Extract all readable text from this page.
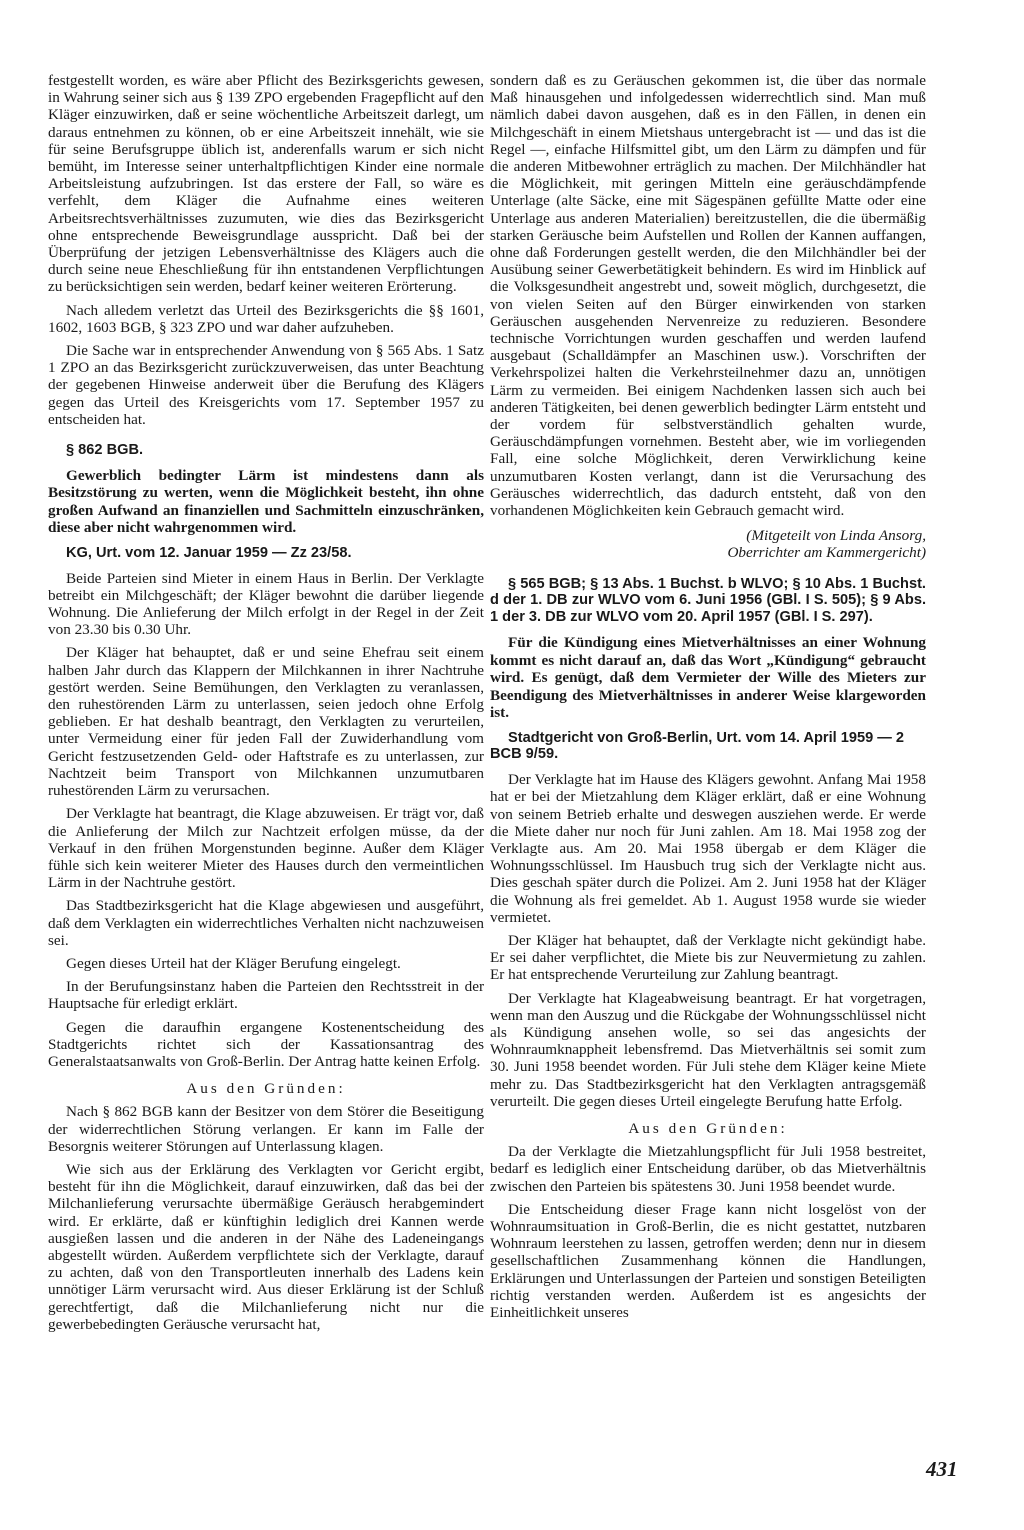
festgestellt worden, es wäre aber Pflicht des Bezirksgerichts gewesen, in Wahrung seiner sich aus § 139 ZPO ergebenden Fragepflicht auf den Kläger einzuwirken, daß er seine wöchentliche Arbeitszeit darlegt, um daraus entnehmen zu können, ob er eine Arbeitszeit innehält, wie sie für seine Berufsgruppe üblich ist, anderenfalls warum er sich nicht bemüht, im Interesse seiner unterhaltpflichtigen Kinder eine normale Arbeitsleistung aufzubringen. Ist das erstere der Fall, so wäre es verfehlt, dem Kläger die Aufnahme eines weiteren Arbeitsrechtsverhältnisses zuzumuten, wie dies das Bezirksgericht ohne entsprechende Beweisgrundlage ausspricht. Daß bei der Überprüfung der jetzigen Lebensverhältnisse des Klägers auch die durch seine neue Eheschließung für ihn entstandenen Verpflichtungen zu berücksichtigen sein werden, bedarf keiner weiteren Erörterung.

Nach alledem verletzt das Urteil des Bezirksgerichts die §§ 1601, 1602, 1603 BGB, § 323 ZPO und war daher aufzuheben.

Die Sache war in entsprechender Anwendung von § 565 Abs. 1 Satz 1 ZPO an das Bezirksgericht zurückzuverweisen, das unter Beachtung der gegebenen Hinweise anderweit über die Berufung des Klägers gegen das Urteil des Kreisgerichts vom 17. September 1957 zu entscheiden hat.

§ 862 BGB.
Gewerblich bedingter Lärm ist mindestens dann als Besitzstörung zu werten, wenn die Möglichkeit besteht, ihn ohne großen Aufwand an finanziellen und Sachmitteln einzuschränken, diese aber nicht wahrgenommen wird.
KG, Urt. vom 12. Januar 1959 — Zz 23/58.

Beide Parteien sind Mieter in einem Haus in Berlin. Der Verklagte betreibt ein Milchgeschäft; der Kläger bewohnt die darüber liegende Wohnung. Die Anlieferung der Milch erfolgt in der Regel in der Zeit von 23.30 bis 0.30 Uhr.

Der Kläger hat behauptet, daß er und seine Ehefrau seit einem halben Jahr durch das Klappern der Milchkannen in ihrer Nachtruhe gestört werden. Seine Bemühungen, den Verklagten zu veranlassen, den ruhestörenden Lärm zu unterlassen, seien jedoch ohne Erfolg geblieben. Er hat deshalb beantragt, den Verklagten zu verurteilen, unter Vermeidung einer für jeden Fall der Zuwiderhandlung vom Gericht festzusetzenden Geld- oder Haftstrafe es zu unterlassen, zur Nachtzeit beim Transport von Milchkannen unzumutbaren ruhestörenden Lärm zu verursachen.

Der Verklagte hat beantragt, die Klage abzuweisen. Er trägt vor, daß die Anlieferung der Milch zur Nachtzeit erfolgen müsse, da der Verkauf in den frühen Morgenstunden beginne. Außer dem Kläger fühle sich kein weiterer Mieter des Hauses durch den vermeintlichen Lärm in der Nachtruhe gestört.

Das Stadtbezirksgericht hat die Klage abgewiesen und ausgeführt, daß dem Verklagten ein widerrechtliches Verhalten nicht nachzuweisen sei.

Gegen dieses Urteil hat der Kläger Berufung eingelegt.

In der Berufungsinstanz haben die Parteien den Rechtsstreit in der Hauptsache für erledigt erklärt.

Gegen die daraufhin ergangene Kostenentscheidung des Stadtgerichts richtet sich der Kassationsantrag des Generalstaatsanwalts von Groß-Berlin. Der Antrag hatte keinen Erfolg.

Aus den Gründen:

Nach § 862 BGB kann der Besitzer von dem Störer die Beseitigung der widerrechtlichen Störung verlangen. Er kann im Falle der Besorgnis weiterer Störungen auf Unterlassung klagen.

Wie sich aus der Erklärung des Verklagten vor Gericht ergibt, besteht für ihn die Möglichkeit, darauf einzuwirken, daß das bei der Milchanlieferung verursachte übermäßige Geräusch herabgemindert wird. Er erklärte, daß er künftighin lediglich drei Kannen werde ausgießen lassen und die anderen in der Nähe des Ladeneingangs abgestellt würden. Außerdem verpflichtete sich der Verklagte, darauf zu achten, daß von den Transportleuten innerhalb des Ladens kein unnötiger Lärm verursacht wird. Aus dieser Erklärung ist der Schluß gerechtfertigt, daß die Milchanlieferung nicht nur die gewerbebedingten Geräusche verursacht hat,

sondern daß es zu Geräuschen gekommen ist, die über das normale Maß hinausgehen und infolgedessen widerrechtlich sind. Man muß nämlich dabei davon ausgehen, daß es in den Fällen, in denen ein Milchgeschäft in einem Mietshaus untergebracht ist — und das ist die Regel —, einfache Hilfsmittel gibt, um den Lärm zu dämpfen und für die anderen Mitbewohner erträglich zu machen. Der Milchhändler hat die Möglichkeit, mit geringen Mitteln eine geräuschdämpfende Unterlage (alte Säcke, eine mit Sägespänen gefüllte Matte oder eine Unterlage aus anderen Materialien) bereitzustellen, die die übermäßig starken Geräusche beim Aufstellen und Rollen der Kannen auffangen, ohne daß Forderungen gestellt werden, die den Milchhändler bei der Ausübung seiner Gewerbetätigkeit behindern. Es wird im Hinblick auf die Volksgesundheit angestrebt und, soweit möglich, durchgesetzt, die von vielen Seiten auf den Bürger einwirkenden von starken Geräuschen ausgehenden Nervenreize zu reduzieren. Besondere technische Vorrichtungen wurden geschaffen und werden laufend ausgebaut (Schalldämpfer an Maschinen usw.). Vorschriften der Verkehrspolizei halten die Verkehrsteilnehmer dazu an, unnötigen Lärm zu vermeiden. Bei einigem Nachdenken lassen sich auch bei anderen Tätigkeiten, bei denen gewerblich bedingter Lärm entsteht und der vordem für selbstverständlich gehalten wurde, Geräuschdämpfungen vornehmen. Besteht aber, wie im vorliegenden Fall, eine solche Möglichkeit, deren Verwirklichung keine unzumutbaren Kosten verlangt, dann ist die Verursachung des Geräusches widerrechtlich, das dadurch entsteht, daß von den vorhandenen Möglichkeiten kein Gebrauch gemacht wird.

(Mitgeteilt von Linda Ansorg,
Oberrichter am Kammergericht)
§ 565 BGB; § 13 Abs. 1 Buchst. b WLVO; § 10 Abs. 1 Buchst. d der 1. DB zur WLVO vom 6. Juni 1956 (GBl. I S. 505); § 9 Abs. 1 der 3. DB zur WLVO vom 20. April 1957 (GBl. I S. 297).
Für die Kündigung eines Mietverhältnisses an einer Wohnung kommt es nicht darauf an, daß das Wort „Kündigung“ gebraucht wird. Es genügt, daß dem Vermieter der Wille des Mieters zur Beendigung des Mietverhältnisses in anderer Weise klargeworden ist.
Stadtgericht von Groß-Berlin, Urt. vom 14. April 1959 — 2 BCB 9/59.

Der Verklagte hat im Hause des Klägers gewohnt. Anfang Mai 1958 hat er bei der Mietzahlung dem Kläger erklärt, daß er eine Wohnung von seinem Betrieb erhalte und deswegen ausziehen werde. Er werde die Miete daher nur noch für Juni zahlen. Am 18. Mai 1958 zog der Verklagte aus. Am 20. Mai 1958 übergab er dem Kläger die Wohnungsschlüssel. Im Hausbuch trug sich der Verklagte nicht aus. Dies geschah später durch die Polizei. Am 2. Juni 1958 hat der Kläger die Wohnung als frei gemeldet. Ab 1. August 1958 wurde sie wieder vermietet.

Der Kläger hat behauptet, daß der Verklagte nicht gekündigt habe. Er sei daher verpflichtet, die Miete bis zur Neuvermietung zu zahlen. Er hat entsprechende Verurteilung zur Zahlung beantragt.

Der Verklagte hat Klageabweisung beantragt. Er hat vorgetragen, wenn man den Auszug und die Rückgabe der Wohnungsschlüssel nicht als Kündigung ansehen wolle, so sei das angesichts der Wohnraumknappheit lebensfremd. Das Mietverhältnis sei somit zum 30. Juni 1958 beendet worden. Für Juli stehe dem Kläger keine Miete mehr zu. Das Stadtbezirksgericht hat den Verklagten antragsgemäß verurteilt. Die gegen dieses Urteil eingelegte Berufung hatte Erfolg.

Aus den Gründen:

Da der Verklagte die Mietzahlungspflicht für Juli 1958 bestreitet, bedarf es lediglich einer Entscheidung darüber, ob das Mietverhältnis zwischen den Parteien bis spätestens 30. Juni 1958 beendet wurde.

Die Entscheidung dieser Frage kann nicht losgelöst von der Wohnraumsituation in Groß-Berlin, die es nicht gestattet, nutzbaren Wohnraum leerstehen zu lassen, getroffen werden; denn nur in diesem gesellschaftlichen Zusammenhang können die Handlungen, Erklärungen und Unterlassungen der Parteien und sonstigen Beteiligten richtig verstanden werden. Außerdem ist es angesichts der Einheitlichkeit unseres

431
